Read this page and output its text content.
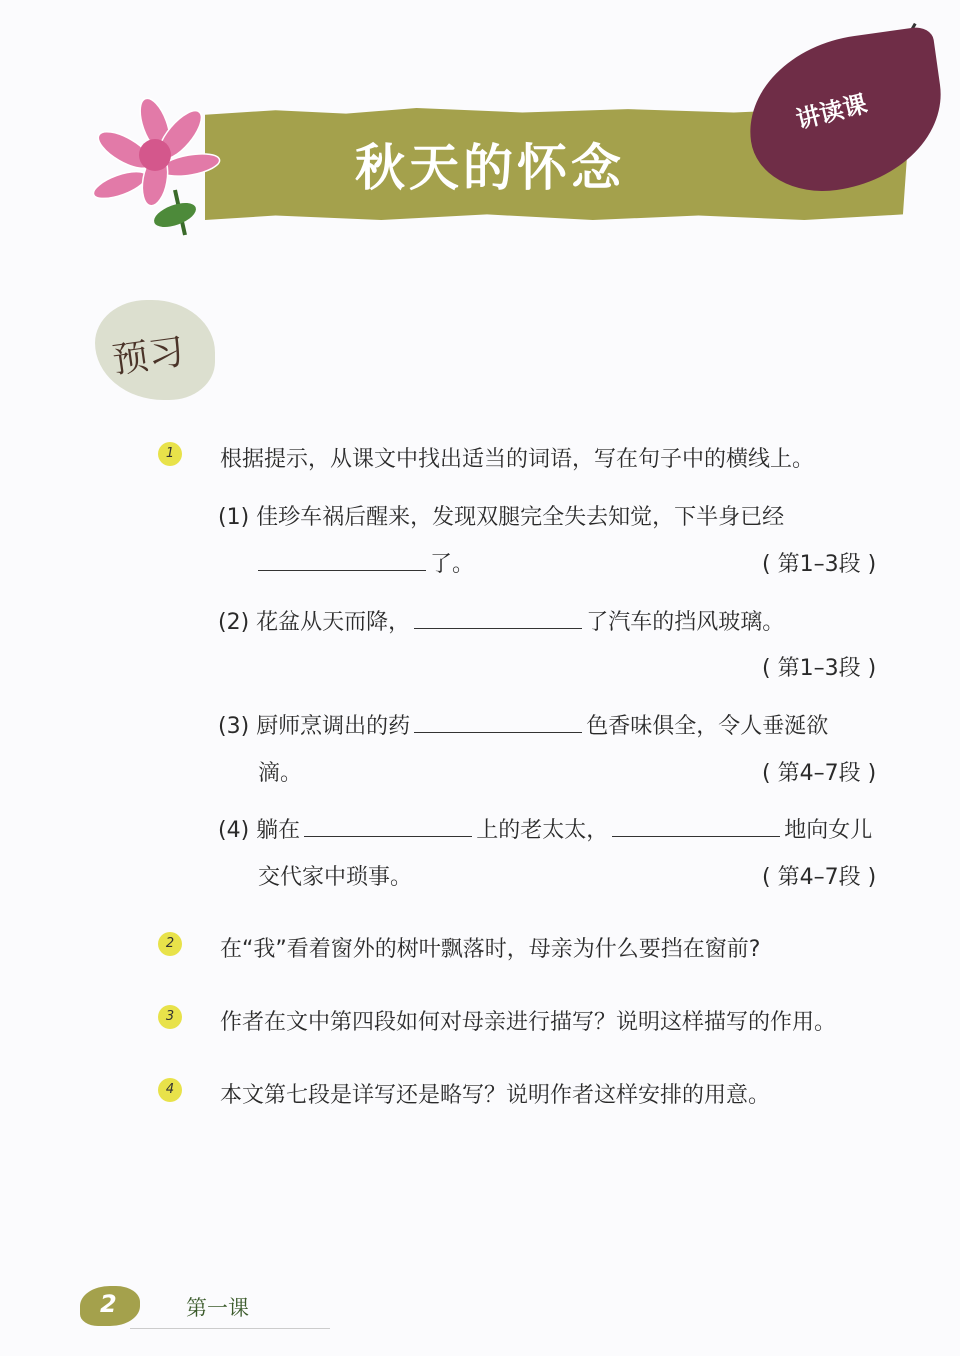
秋天的怀念
讲读课
预习
1	根据提示，从课文中找出适当的词语，写在句子中的横线上。
(1) 佳珍车祸后醒来，发现双腿完全失去知觉，下半身已经
了。	( 第1–3段 )
(2) 花盆从天而降，	了汽车的挡风玻璃。
( 第1–3段 )
(3) 厨师烹调出的药	色香味俱全，令人垂涎欲
滴。	( 第4–7段 )
(4) 躺在	上的老太太，	地向女儿
交代家中琐事。	( 第4–7段 )
2	在“我”看着窗外的树叶飘落时，母亲为什么要挡在窗前?
3	作者在文中第四段如何对母亲进行描写？说明这样描写的作用。
4	本文第七段是详写还是略写？说明作者这样安排的用意。
2	第一课
